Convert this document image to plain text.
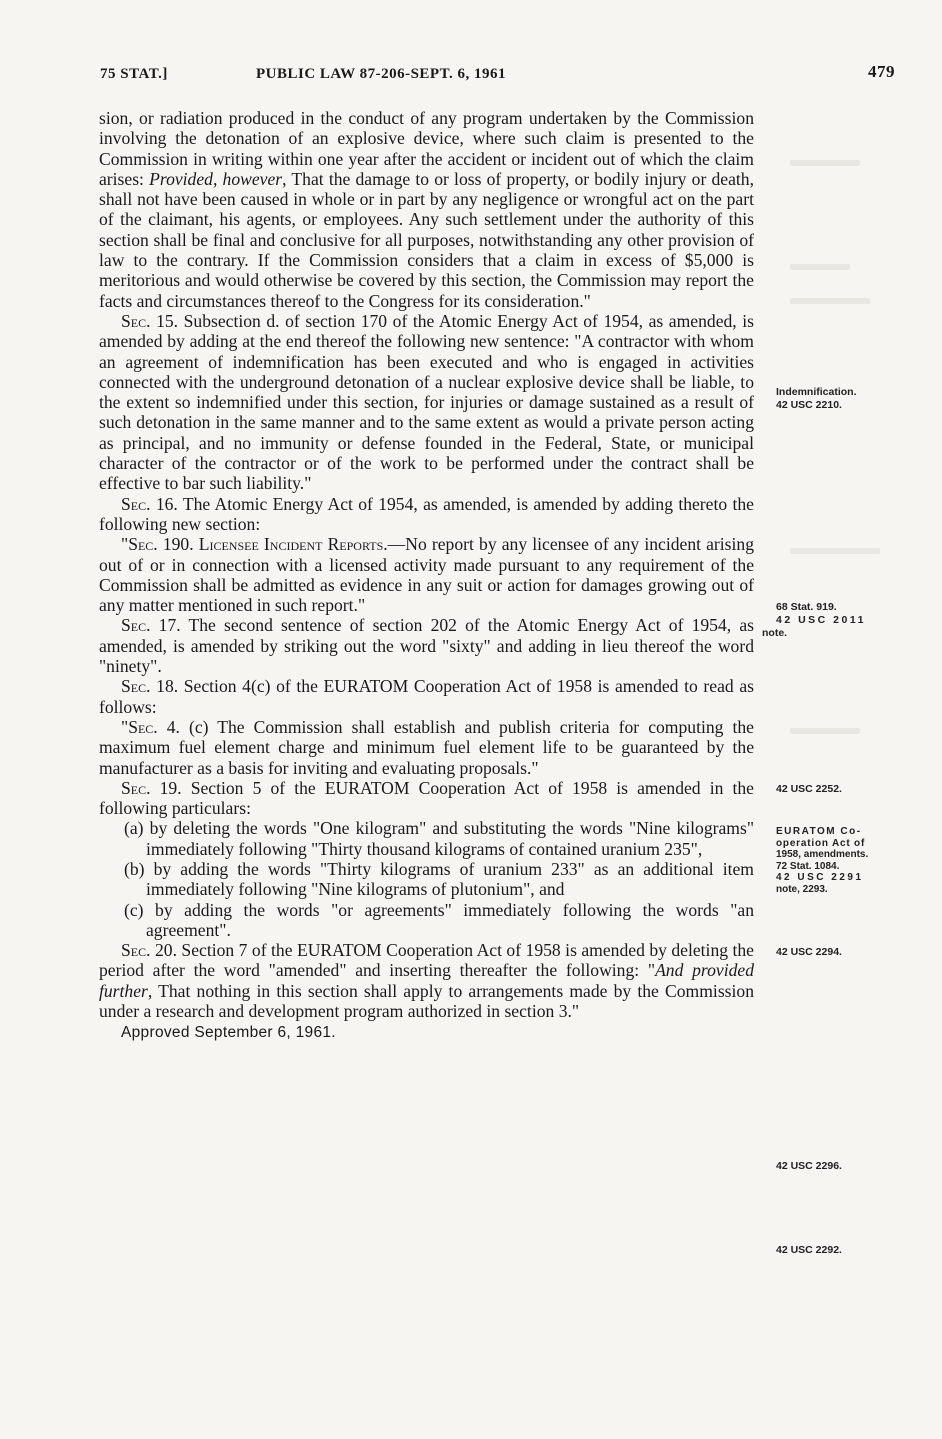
75 STAT.]	PUBLIC LAW 87-206-SEPT. 6, 1961	479

sion, or radiation produced in the conduct of any program undertaken by the Commission involving the detonation of an explosive device, where such claim is presented to the Commission in writing within one year after the accident or incident out of which the claim arises: Provided, however, That the damage to or loss of property, or bodily injury or death, shall not have been caused in whole or in part by any negligence or wrongful act on the part of the claimant, his agents, or employees. Any such settlement under the authority of this section shall be final and conclusive for all purposes, notwithstanding any other provision of law to the contrary. If the Commission considers that a claim in excess of $5,000 is meritorious and would otherwise be covered by this section, the Commission may report the facts and circumstances thereof to the Congress for its consideration."

Sec. 15. Subsection d. of section 170 of the Atomic Energy Act of 1954, as amended, is amended by adding at the end thereof the following new sentence: "A contractor with whom an agreement of indemnification has been executed and who is engaged in activities connected with the underground detonation of a nuclear explosive device shall be liable, to the extent so indemnified under this section, for injuries or damage sustained as a result of such detonation in the same manner and to the same extent as would a private person acting as principal, and no immunity or defense founded in the Federal, State, or municipal character of the contractor or of the work to be performed under the contract shall be effective to bar such liability."

Sec. 16. The Atomic Energy Act of 1954, as amended, is amended by adding thereto the following new section:

"Sec. 190. Licensee Incident Reports.—No report by any licensee of any incident arising out of or in connection with a licensed activity made pursuant to any requirement of the Commission shall be admitted as evidence in any suit or action for damages growing out of any matter mentioned in such report."

Sec. 17. The second sentence of section 202 of the Atomic Energy Act of 1954, as amended, is amended by striking out the word "sixty" and adding in lieu thereof the word "ninety".

Sec. 18. Section 4(c) of the EURATOM Cooperation Act of 1958 is amended to read as follows:

"Sec. 4. (c) The Commission shall establish and publish criteria for computing the maximum fuel element charge and minimum fuel element life to be guaranteed by the manufacturer as a basis for inviting and evaluating proposals."

Sec. 19. Section 5 of the EURATOM Cooperation Act of 1958 is amended in the following particulars:

(a) by deleting the words "One kilogram" and substituting the words "Nine kilograms" immediately following "Thirty thousand kilograms of contained uranium 235",

(b) by adding the words "Thirty kilograms of uranium 233" as an additional item immediately following "Nine kilograms of plutonium", and

(c) by adding the words "or agreements" immediately following the words "an agreement".

Sec. 20. Section 7 of the EURATOM Cooperation Act of 1958 is amended by deleting the period after the word "amended" and inserting thereafter the following: "And provided further, That nothing in this section shall apply to arrangements made by the Commission under a research and development program authorized in section 3."

Approved September 6, 1961.

Indemnification.
42 USC 2210.
68 Stat. 919.
42 USC 2011
note.
42 USC 2252.
EURATOM Co-
operation Act of
1958, amendments.
72 Stat. 1084.
42 USC 2291
note, 2293.
42 USC 2294.
42 USC 2296.
42 USC 2292.
